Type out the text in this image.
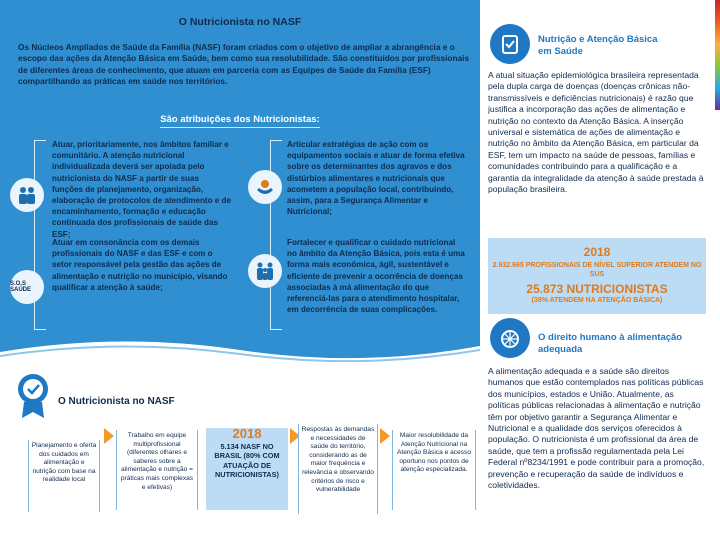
O Nutricionista no NASF
Os Núcleos Ampliados de Saúde da Família (NASF) foram criados com o objetivo de ampliar a abrangência e o escopo das ações da Atenção Básica em Saúde, bem como sua resolubilidade. São constituídos por profissionais de diferentes áreas de conhecimento, que atuam em parceria com as Equipes de Saúde da Família (ESF) compartilhando as práticas em saúde nos territórios.
São atribuições dos Nutricionistas:
S.O.S SAÚDE
Atuar, prioritariamente, nos âmbitos familiar e comunitário. A atenção nutricional individualizada deverá ser apoiada pelo nutricionista do NASF a partir de suas funções de planejamento, organização, elaboração de protocolos de atendimento e de encaminhamento, formação e educação continuada dos profissionais de saúde das ESF;
Atuar em consonância com os demais profissionais do NASF e das ESF e com o setor responsável pela gestão das ações de alimentação e nutrição no município, visando qualificar a atenção à saúde;
Articular estratégias de ação com os equipamentos sociais e atuar de forma efetiva sobre os determinantes dos agravos e dos distúrbios alimentares e nutricionais que acometem a população local, contribuindo, assim, para a Segurança Alimentar e Nutricional;
Fortalecer e qualificar o cuidado nutricional no âmbito da Atenção Básica, pois esta é uma forma mais econômica, ágil, sustentável e eficiente de prevenir a ocorrência de doenças associadas à má alimentação do que referenciá-las para o atendimento hospitalar, em decorrência de suas complicações.
O Nutricionista no NASF
Planejamento e oferta dos cuidados em alimentação e nutrição com base na realidade local
Trabalho em equipe multiprofissional (diferentes olhares e saberes sobre a alimentação e nutrição = práticas mais complexas e efetivas)
2018
5.134 NASF NO BRASIL (80% COM ATUAÇÃO DE NUTRICIONISTAS)
Respostas às demandas e necessidades de saúde do território, considerando as de maior frequência e relevância e observando critérios de risco e vulnerabilidade
Maior resolubilidade da Atenção Nutricional na Atenção Básica e acesso oportuno nos pontos de atenção especializada.
Nutrição e Atenção Básica em Saúde
A atual situação epidemiológica brasileira representada pela dupla carga de doenças (doenças crônicas não-transmissíveis e deficiências nutricionais) é razão que justifica a incorporação das ações de alimentação e nutrição no contexto da Atenção Básica. A inserção universal e sistemática de ações de alimentação e nutrição no âmbito da Atenção Básica, em particular da ESF, tem um impacto na saúde de pessoas, famílias e comunidades contribuindo para a qualificação e a garantia da integralidade da atenção à saúde prestada à população brasileira.
2018
2.932.665 PROFISSIONAIS DE NÍVEL SUPERIOR ATENDEM NO SUS
25.873 NUTRICIONISTAS
(38% ATENDEM NA ATENÇÃO BÁSICA)
O direito humano à alimentação adequada
A alimentação adequada e a saúde são direitos humanos que estão contemplados nas políticas públicas dos municípios, estados e União. Atualmente, as políticas públicas relacionadas à alimentação e nutrição têm por objetivo garantir a Segurança Alimentar e Nutricional e a qualidade dos serviços oferecidos à população. O nutricionista é um profissional da área de saúde, que tem a profissão regulamentada pela Lei Federal nº8234/1991 e pode contribuir para a promoção, prevenção e recuperação da saúde de indivíduos e coletividades.
